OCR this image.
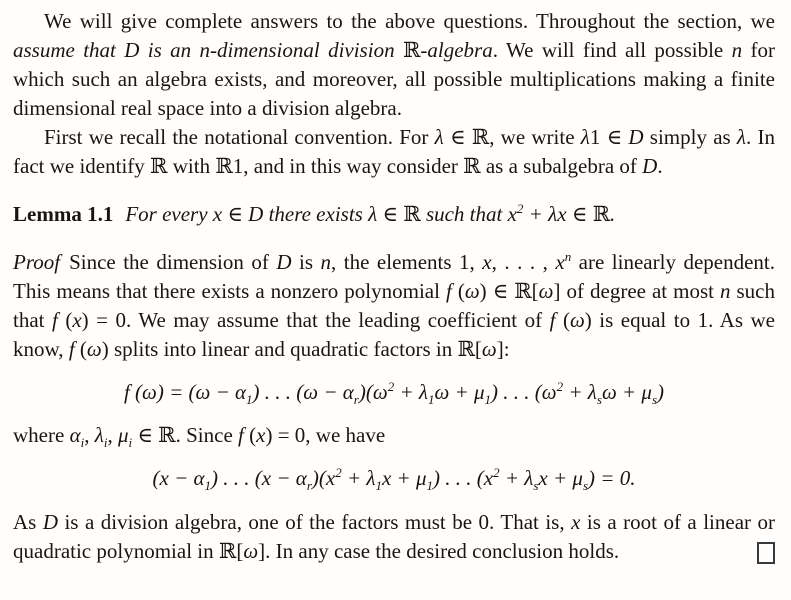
We will give complete answers to the above questions. Throughout the section, we assume that D is an n-dimensional division ℝ-algebra. We will find all possible n for which such an algebra exists, and moreover, all possible multiplications making a finite dimensional real space into a division algebra.

First we recall the notational convention. For λ ∈ ℝ, we write λ1 ∈ D simply as λ. In fact we identify ℝ with ℝ1, and in this way consider ℝ as a subalgebra of D.

Lemma 1.1 For every x ∈ D there exists λ ∈ ℝ such that $x^2 + \lambda x$ ∈ ℝ.

Proof Since the dimension of D is n, the elements 1, x, . . . , $x^n$ are linearly dependent. This means that there exists a nonzero polynomial f (ω) ∈ ℝ[ω] of degree at most n such that f (x) = 0. We may assume that the leading coefficient of f (ω) is equal to 1. As we know, f (ω) splits into linear and quadratic factors in ℝ[ω]:

f $(\omega) = (\omega - \alpha_1)$ . . . $(\omega - \alpha_r)(\omega^2 + \lambda_1\omega + \mu_1)$ . . . $(\omega^2 + \lambda_s\omega + \mu_s)$

where $\alpha_i$, $\lambda_i$, $\mu_i$ ∈ ℝ. Since f (x) = 0, we have

$(x - \alpha_1)$ . . . $(x - \alpha_r)(x^2 + \lambda_1x + \mu_1)$ . . . $(x^2 + \lambda_sx + \mu_s) = 0$.

As D is a division algebra, one of the factors must be 0. That is, x is a root of a linear or quadratic polynomial in ℝ[ω]. In any case the desired conclusion holds.
